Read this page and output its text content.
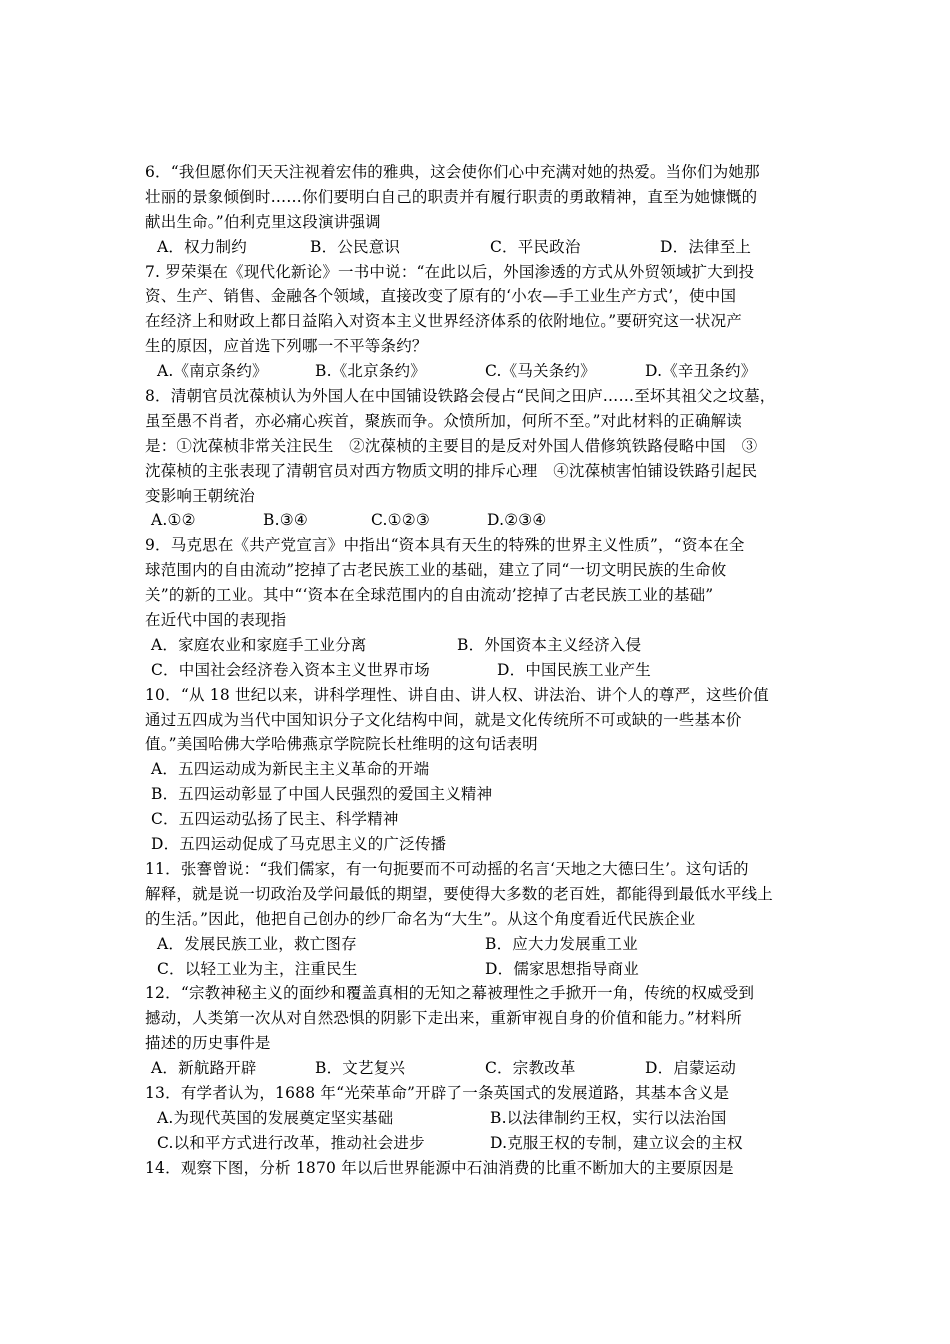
6．“我但愿你们天天注视着宏伟的雅典，这会使你们心中充满对她的热爱。当你们为她那
壮丽的景象倾倒时……你们要明白自己的职责并有履行职责的勇敢精神，直至为她慷慨的
献出生命。”伯利克里这段演讲强调
A．权力制约	B．公民意识	C．平民政治	D．法律至上
7. 罗荣渠在《现代化新论》一书中说：“在此以后，外国渗透的方式从外贸领域扩大到投
资、生产、销售、金融各个领域，直接改变了原有的‘小农—手工业生产方式’，使中国
在经济上和财政上都日益陷入对资本主义世界经济体系的依附地位。”要研究这一状况产
生的原因，应首选下列哪一不平等条约？
A.《南京条约》	B.《北京条约》	C.《马关条约》	D.《辛丑条约》
8．清朝官员沈葆桢认为外国人在中国铺设铁路会侵占“民间之田庐……至坏其祖父之坟墓，
虽至愚不肖者，亦必痛心疾首，聚族而争。众愤所加，何所不至。”对此材料的正确解读
是：①沈葆桢非常关注民生　②沈葆桢的主要目的是反对外国人借修筑铁路侵略中国　③
沈葆桢的主张表现了清朝官员对西方物质文明的排斥心理　④沈葆桢害怕铺设铁路引起民
变影响王朝统治
A.①②	B.③④	C.①②③	D.②③④
9．马克思在《共产党宣言》中指出“资本具有天生的特殊的世界主义性质”，“资本在全
球范围内的自由流动”挖掉了古老民族工业的基础，建立了同“一切文明民族的生命攸
关”的新的工业。其中“‘资本在全球范围内的自由流动’挖掉了古老民族工业的基础”
在近代中国的表现指
A．家庭农业和家庭手工业分离	B．外国资本主义经济入侵
C．中国社会经济卷入资本主义世界市场	D．中国民族工业产生
10．“从 18 世纪以来，讲科学理性、讲自由、讲人权、讲法治、讲个人的尊严，这些价值
通过五四成为当代中国知识分子文化结构中间，就是文化传统所不可或缺的一些基本价
值。”美国哈佛大学哈佛燕京学院院长杜维明的这句话表明
A．五四运动成为新民主主义革命的开端
B．五四运动彰显了中国人民强烈的爱国主义精神
C．五四运动弘扬了民主、科学精神
D．五四运动促成了马克思主义的广泛传播
11．张謇曾说：“我们儒家，有一句扼要而不可动摇的名言‘天地之大德曰生’。这句话的
解释，就是说一切政治及学问最低的期望，要使得大多数的老百姓，都能得到最低水平线上
的生活。”因此，他把自己创办的纱厂命名为“大生”。从这个角度看近代民族企业
A．发展民族工业，救亡图存	B．应大力发展重工业
C．以轻工业为主，注重民生	D．儒家思想指导商业
12．“宗教神秘主义的面纱和覆盖真相的无知之幕被理性之手掀开一角，传统的权威受到
撼动，人类第一次从对自然恐惧的阴影下走出来，重新审视自身的价值和能力。”材料所
描述的历史事件是
A．新航路开辟	B．文艺复兴	C．宗教改革	D．启蒙运动
13．有学者认为，1688 年“光荣革命”开辟了一条英国式的发展道路，其基本含义是
A.为现代英国的发展奠定坚实基础	B.以法律制约王权，实行以法治国
C.以和平方式进行改革，推动社会进步	D.克服王权的专制，建立议会的主权
14．观察下图，分析 1870 年以后世界能源中石油消费的比重不断加大的主要原因是
